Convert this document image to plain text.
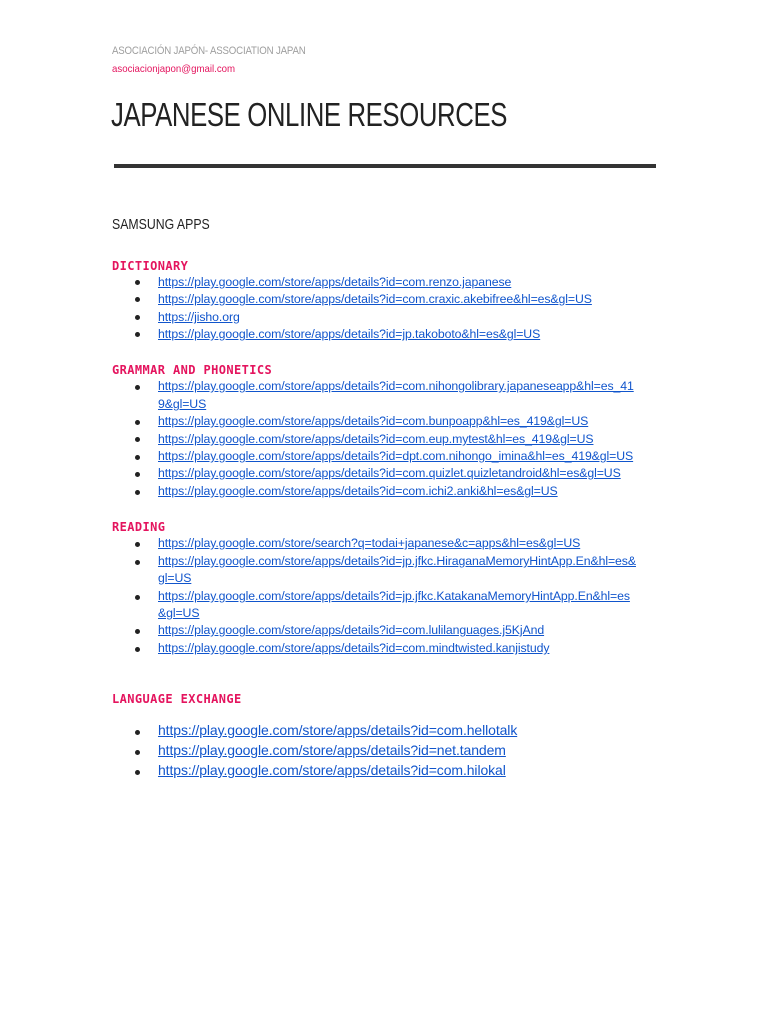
ASOCIACIÓN JAPÓN- ASSOCIATION JAPAN
asociacionjapon@gmail.com
JAPANESE ONLINE RESOURCES
SAMSUNG APPS
DICTIONARY
https://play.google.com/store/apps/details?id=com.renzo.japanese
https://play.google.com/store/apps/details?id=com.craxic.akebifree&hl=es&gl=US
https://jisho.org
https://play.google.com/store/apps/details?id=jp.takoboto&hl=es&gl=US
GRAMMAR AND PHONETICS
https://play.google.com/store/apps/details?id=com.nihongolibrary.japaneseapp&hl=es_41
9&gl=US
https://play.google.com/store/apps/details?id=com.bunpoapp&hl=es_419&gl=US
https://play.google.com/store/apps/details?id=com.eup.mytest&hl=es_419&gl=US
https://play.google.com/store/apps/details?id=dpt.com.nihongo_imina&hl=es_419&gl=US
https://play.google.com/store/apps/details?id=com.quizlet.quizletandroid&hl=es&gl=US
https://play.google.com/store/apps/details?id=com.ichi2.anki&hl=es&gl=US
READING
https://play.google.com/store/search?q=todai+japanese&c=apps&hl=es&gl=US
https://play.google.com/store/apps/details?id=jp.jfkc.HiraganaMemoryHintApp.En&hl=es&
gl=US
https://play.google.com/store/apps/details?id=jp.jfkc.KatakanaMemoryHintApp.En&hl=es
&gl=US
https://play.google.com/store/apps/details?id=com.lulilanguages.j5KjAnd
https://play.google.com/store/apps/details?id=com.mindtwisted.kanjistudy
LANGUAGE EXCHANGE
https://play.google.com/store/apps/details?id=com.hellotalk
https://play.google.com/store/apps/details?id=net.tandem
https://play.google.com/store/apps/details?id=com.hilokal
